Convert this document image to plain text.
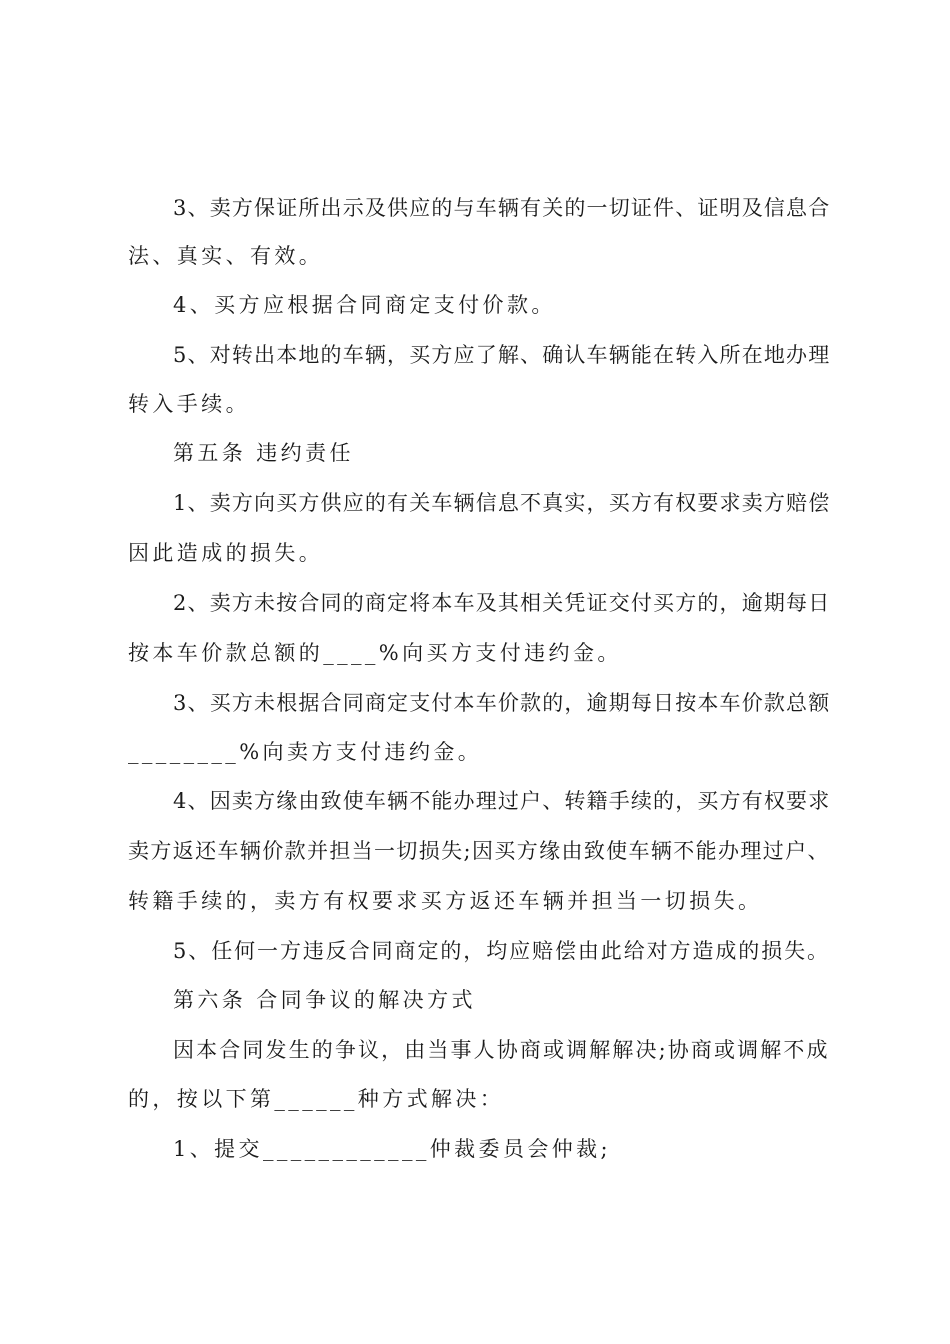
3、卖方保证所出示及供应的与车辆有关的一切证件、证明及信息合
法、真实、有效。
4、买方应根据合同商定支付价款。
5、对转出本地的车辆，买方应了解、确认车辆能在转入所在地办理
转入手续。
第五条 违约责任
1、卖方向买方供应的有关车辆信息不真实，买方有权要求卖方赔偿
因此造成的损失。
2、卖方未按合同的商定将本车及其相关凭证交付买方的，逾期每日
按本车价款总额的____%向买方支付违约金。
3、买方未根据合同商定支付本车价款的，逾期每日按本车价款总额
________%向卖方支付违约金。
4、因卖方缘由致使车辆不能办理过户、转籍手续的，买方有权要求
卖方返还车辆价款并担当一切损失;因买方缘由致使车辆不能办理过户、
转籍手续的，卖方有权要求买方返还车辆并担当一切损失。
5、任何一方违反合同商定的，均应赔偿由此给对方造成的损失。
第六条 合同争议的解决方式
因本合同发生的争议，由当事人协商或调解解决;协商或调解不成
的，按以下第______种方式解决：
1、提交____________仲裁委员会仲裁;
